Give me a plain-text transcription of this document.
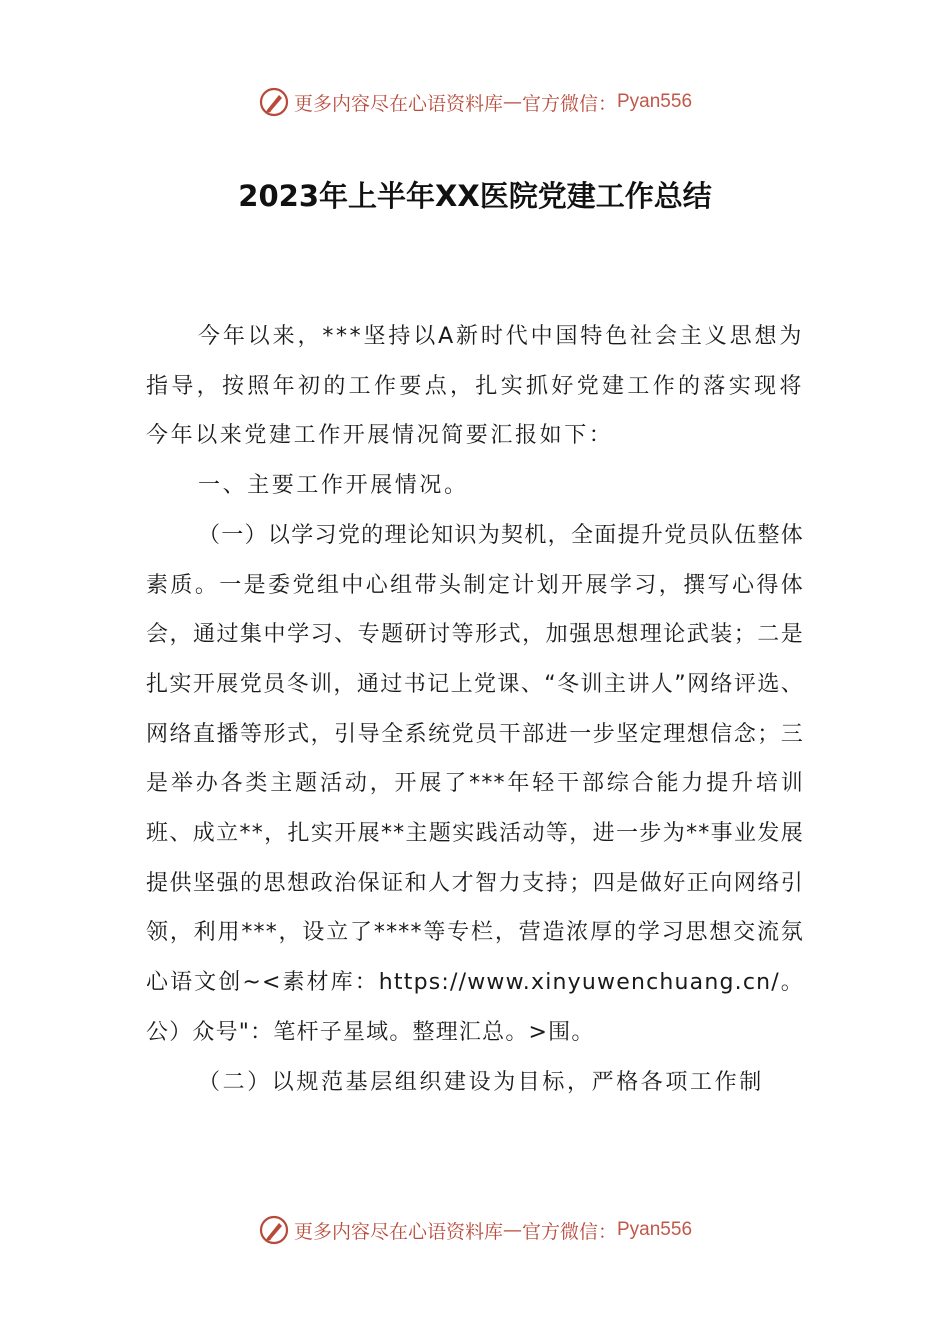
更多内容尽在心语资料库 — 官方微信： Pyan556
2023年上半年XX医院党建工作总结

今年以来，***坚持以A新时代中国特色社会主义思想为指导，按照年初的工作要点，扎实抓好党建工作的落实现将今年以来党建工作开展情况简要汇报如下：

一、主要工作开展情况。

（一）以学习党的理论知识为契机，全面提升党员队伍整体素质。一是委党组中心组带头制定计划开展学习，撰写心得体会，通过集中学习、专题研讨等形式，加强思想理论武装；二是扎实开展党员冬训，通过书记上党课、“冬训主讲人”网络评选、网络直播等形式，引导全系统党员干部进一步坚定理想信念；三是举办各类主题活动，开展了***年轻干部综合能力提升培训班、成立**，扎实开展**主题实践活动等，进一步为**事业发展提供坚强的思想政治保证和人才智力支持；四是做好正向网络引领，利用***，设立了****等专栏，营造浓厚的学习思想交流氛心语文创~<素材库：https://www.xinyuwenchuang.cn/。公）众号"：笔杆子星域。整理汇总。>围。

（二）以规范基层组织建设为目标，严格各项工作制

更多内容尽在心语资料库 — 官方微信： Pyan556
